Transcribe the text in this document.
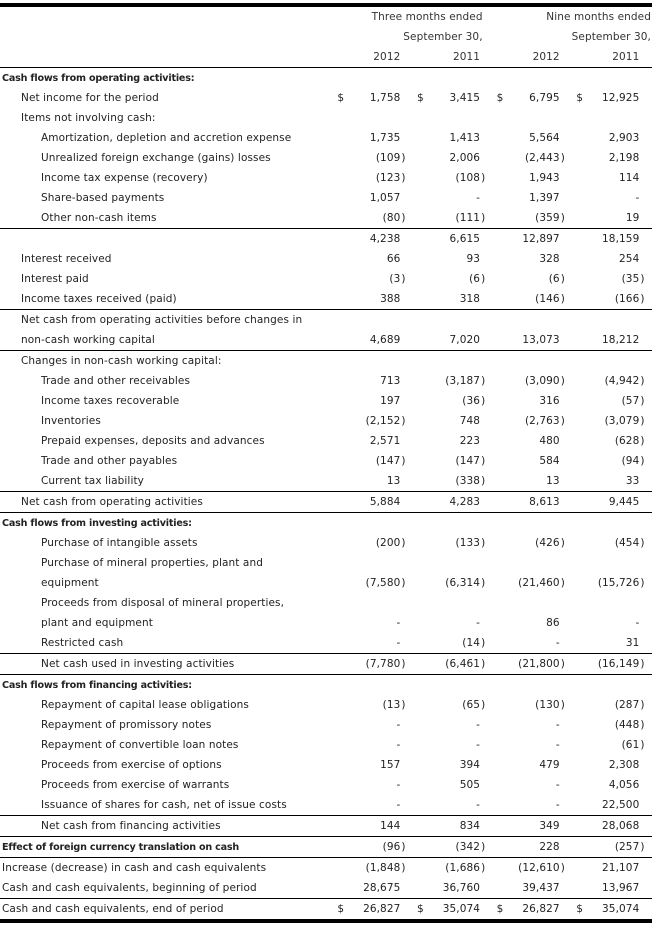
	Three months ended						Nine months ended					
	September 30,						September 30,					
		2012			2011			2012			2011	
Cash flows from operating activities:												
Net income for the period	$	1,758		$	3,415		$	6,795		$	12,925	
Items not involving cash:												
Amortization, depletion and accretion expense		1,735			1,413			5,564			2,903	
Unrealized foreign exchange (gains) losses		(109	)		2,006			(2,443	)		2,198	
Income tax expense (recovery)		(123	)		(108	)		1,943			114	
Share-based payments		1,057			-			1,397			-	
Other non-cash items		(80	)		(111	)		(359	)		19	
		4,238			6,615			12,897			18,159	
Interest received		66			93			328			254	
Interest paid		(3	)		(6	)		(6	)		(35	)
Income taxes received (paid)		388			318			(146	)		(166	)
Net cash from operating activities before changes in												
non-cash working capital		4,689			7,020			13,073			18,212	
Changes in non-cash working capital:												
Trade and other receivables		713			(3,187	)		(3,090	)		(4,942	)
Income taxes recoverable		197			(36	)		316			(57	)
Inventories		(2,152	)		748			(2,763	)		(3,079	)
Prepaid expenses, deposits and advances		2,571			223			480			(628	)
Trade and other payables		(147	)		(147	)		584			(94	)
Current tax liability		13			(338	)		13			33	
Net cash from operating activities		5,884			4,283			8,613			9,445	
Cash flows from investing activities:												
Purchase of intangible assets		(200	)		(133	)		(426	)		(454	)
Purchase of mineral properties, plant and												
equipment		(7,580	)		(6,314	)		(21,460	)		(15,726	)
Proceeds from disposal of mineral properties,												
plant and equipment		-			-			86			-	
Restricted cash		-			(14	)		-			31	
Net cash used in investing activities		(7,780	)		(6,461	)		(21,800	)		(16,149	)
Cash flows from financing activities:												
Repayment of capital lease obligations		(13	)		(65	)		(130	)		(287	)
Repayment of promissory notes		-			-			-			(448	)
Repayment of convertible loan notes		-			-			-			(61	)
Proceeds from exercise of options		157			394			479			2,308	
Proceeds from exercise of warrants		-			505			-			4,056	
Issuance of shares for cash, net of issue costs		-			-			-			22,500	
Net cash from financing activities		144			834			349			28,068	
Effect of foreign currency translation on cash		(96	)		(342	)		228			(257	)
Increase (decrease) in cash and cash equivalents		(1,848	)		(1,686	)		(12,610	)		21,107	
Cash and cash equivalents, beginning of period		28,675			36,760			39,437			13,967	
Cash and cash equivalents, end of period	$	26,827		$	35,074		$	26,827		$	35,074	
